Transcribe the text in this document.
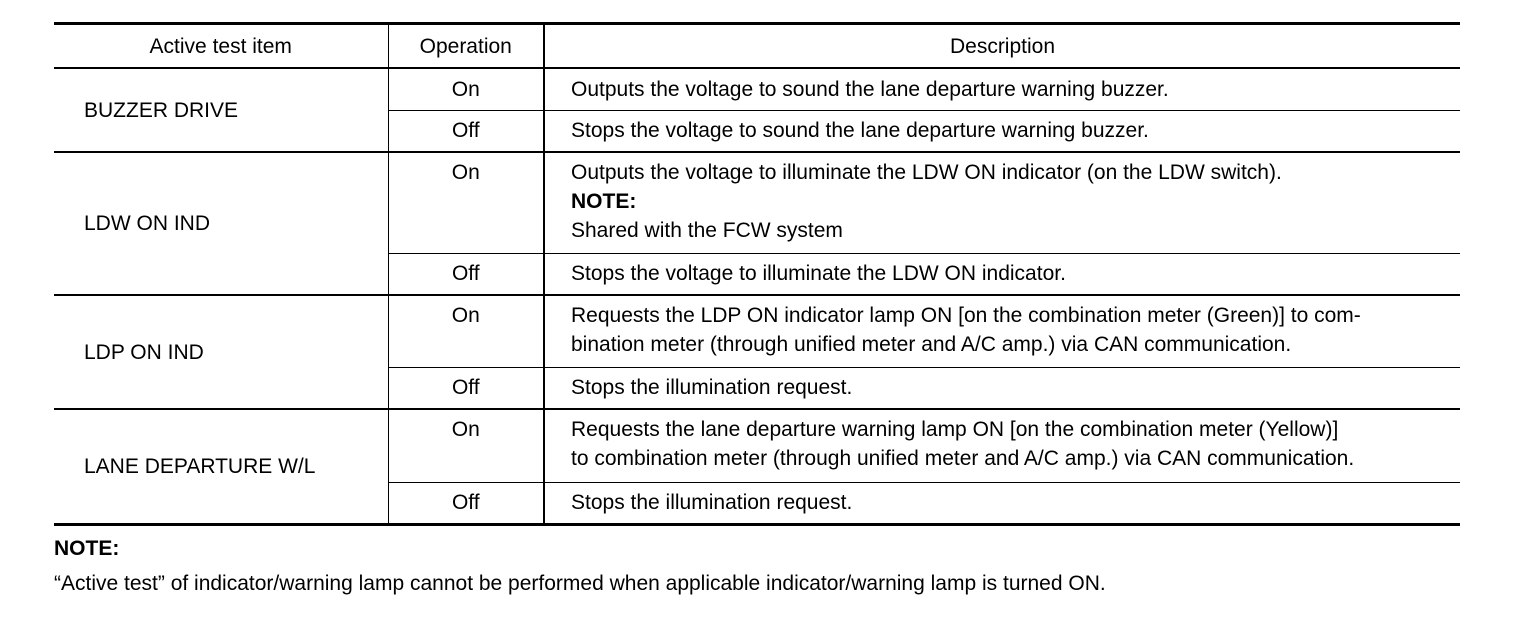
Active test item	Operation	Description
BUZZER DRIVE	On	Outputs the voltage to sound the lane departure warning buzzer.
	Off	Stops the voltage to sound the lane departure warning buzzer.
LDW ON IND	On	Outputs the voltage to illuminate the LDW ON indicator (on the LDW switch).
NOTE:
Shared with the FCW system

	Off	Stops the voltage to illuminate the LDW ON indicator.
LDP ON IND	On	Requests the LDP ON indicator lamp ON [on the combination meter (Green)] to com-
bination meter (through unified meter and A/C amp.) via CAN communication.

	Off	Stops the illumination request.
LANE DEPARTURE W/L	On	Requests the lane departure warning lamp ON [on the combination meter (Yellow)]
to combination meter (through unified meter and A/C amp.) via CAN communication.

	Off	Stops the illumination request.
NOTE:
“Active test” of indicator/warning lamp cannot be performed when applicable indicator/warning lamp is turned ON.
